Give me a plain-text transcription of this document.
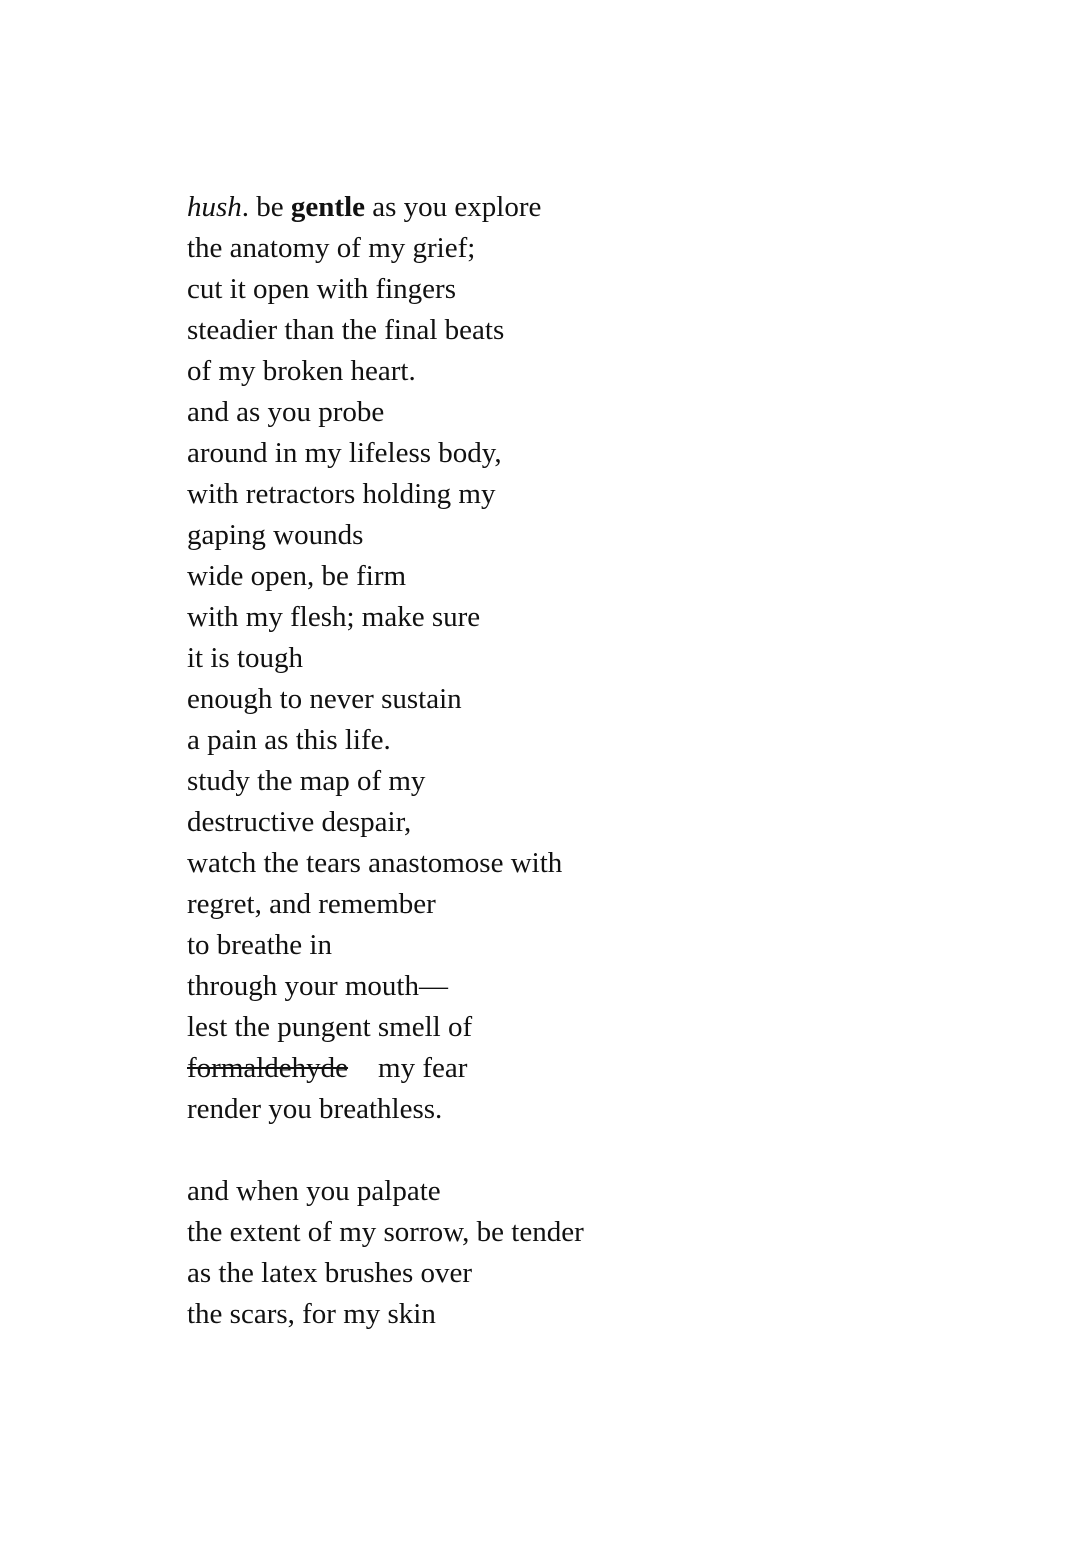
hush. be gentle as you explore
the anatomy of my grief;
cut it open with fingers
steadier than the final beats
of my broken heart.
and as you probe
around in my lifeless body,
with retractors holding my
gaping wounds
wide open, be firm
with my flesh; make sure
it is tough
enough to never sustain
a pain as this life.
study the map of my
destructive despair,
watch the tears anastomose with
regret, and remember
to breathe in
through your mouth—
lest the pungent smell of
formaldehyde my fear
render you breathless.
and when you palpate
the extent of my sorrow, be tender
as the latex brushes over
the scars, for my skin
